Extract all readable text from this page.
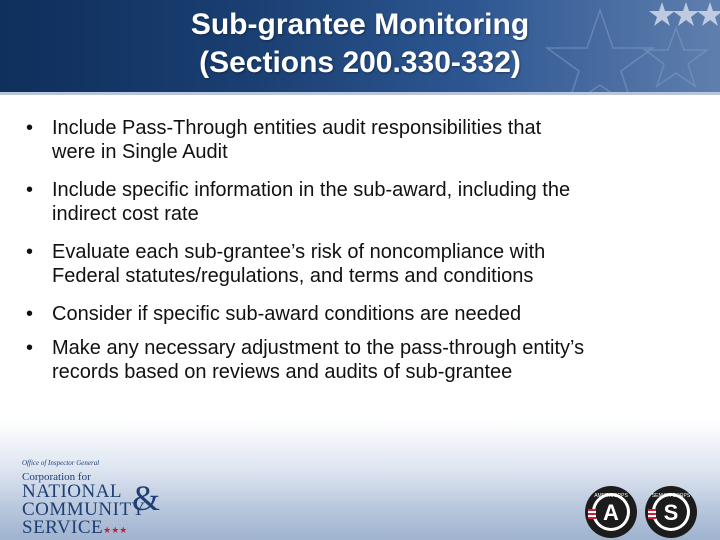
Sub-grantee Monitoring
(Sections 200.330-332)
• Include Pass-Through entities audit responsibilities that
were in Single Audit
• Include specific information in the sub-award, including the
indirect cost rate
• Evaluate each sub-grantee’s risk of noncompliance with
Federal statutes/regulations, and terms and conditions
• Consider if specific sub-award conditions are needed
• Make any necessary adjustment to the pass-through entity’s
records based on reviews and audits of sub-grantee
Office of Inspector General
Corporation for
NATIONAL
COMMUNITY
SERVICE★★★
&	A
AMERICORPS
S
SENIOR CORPS
